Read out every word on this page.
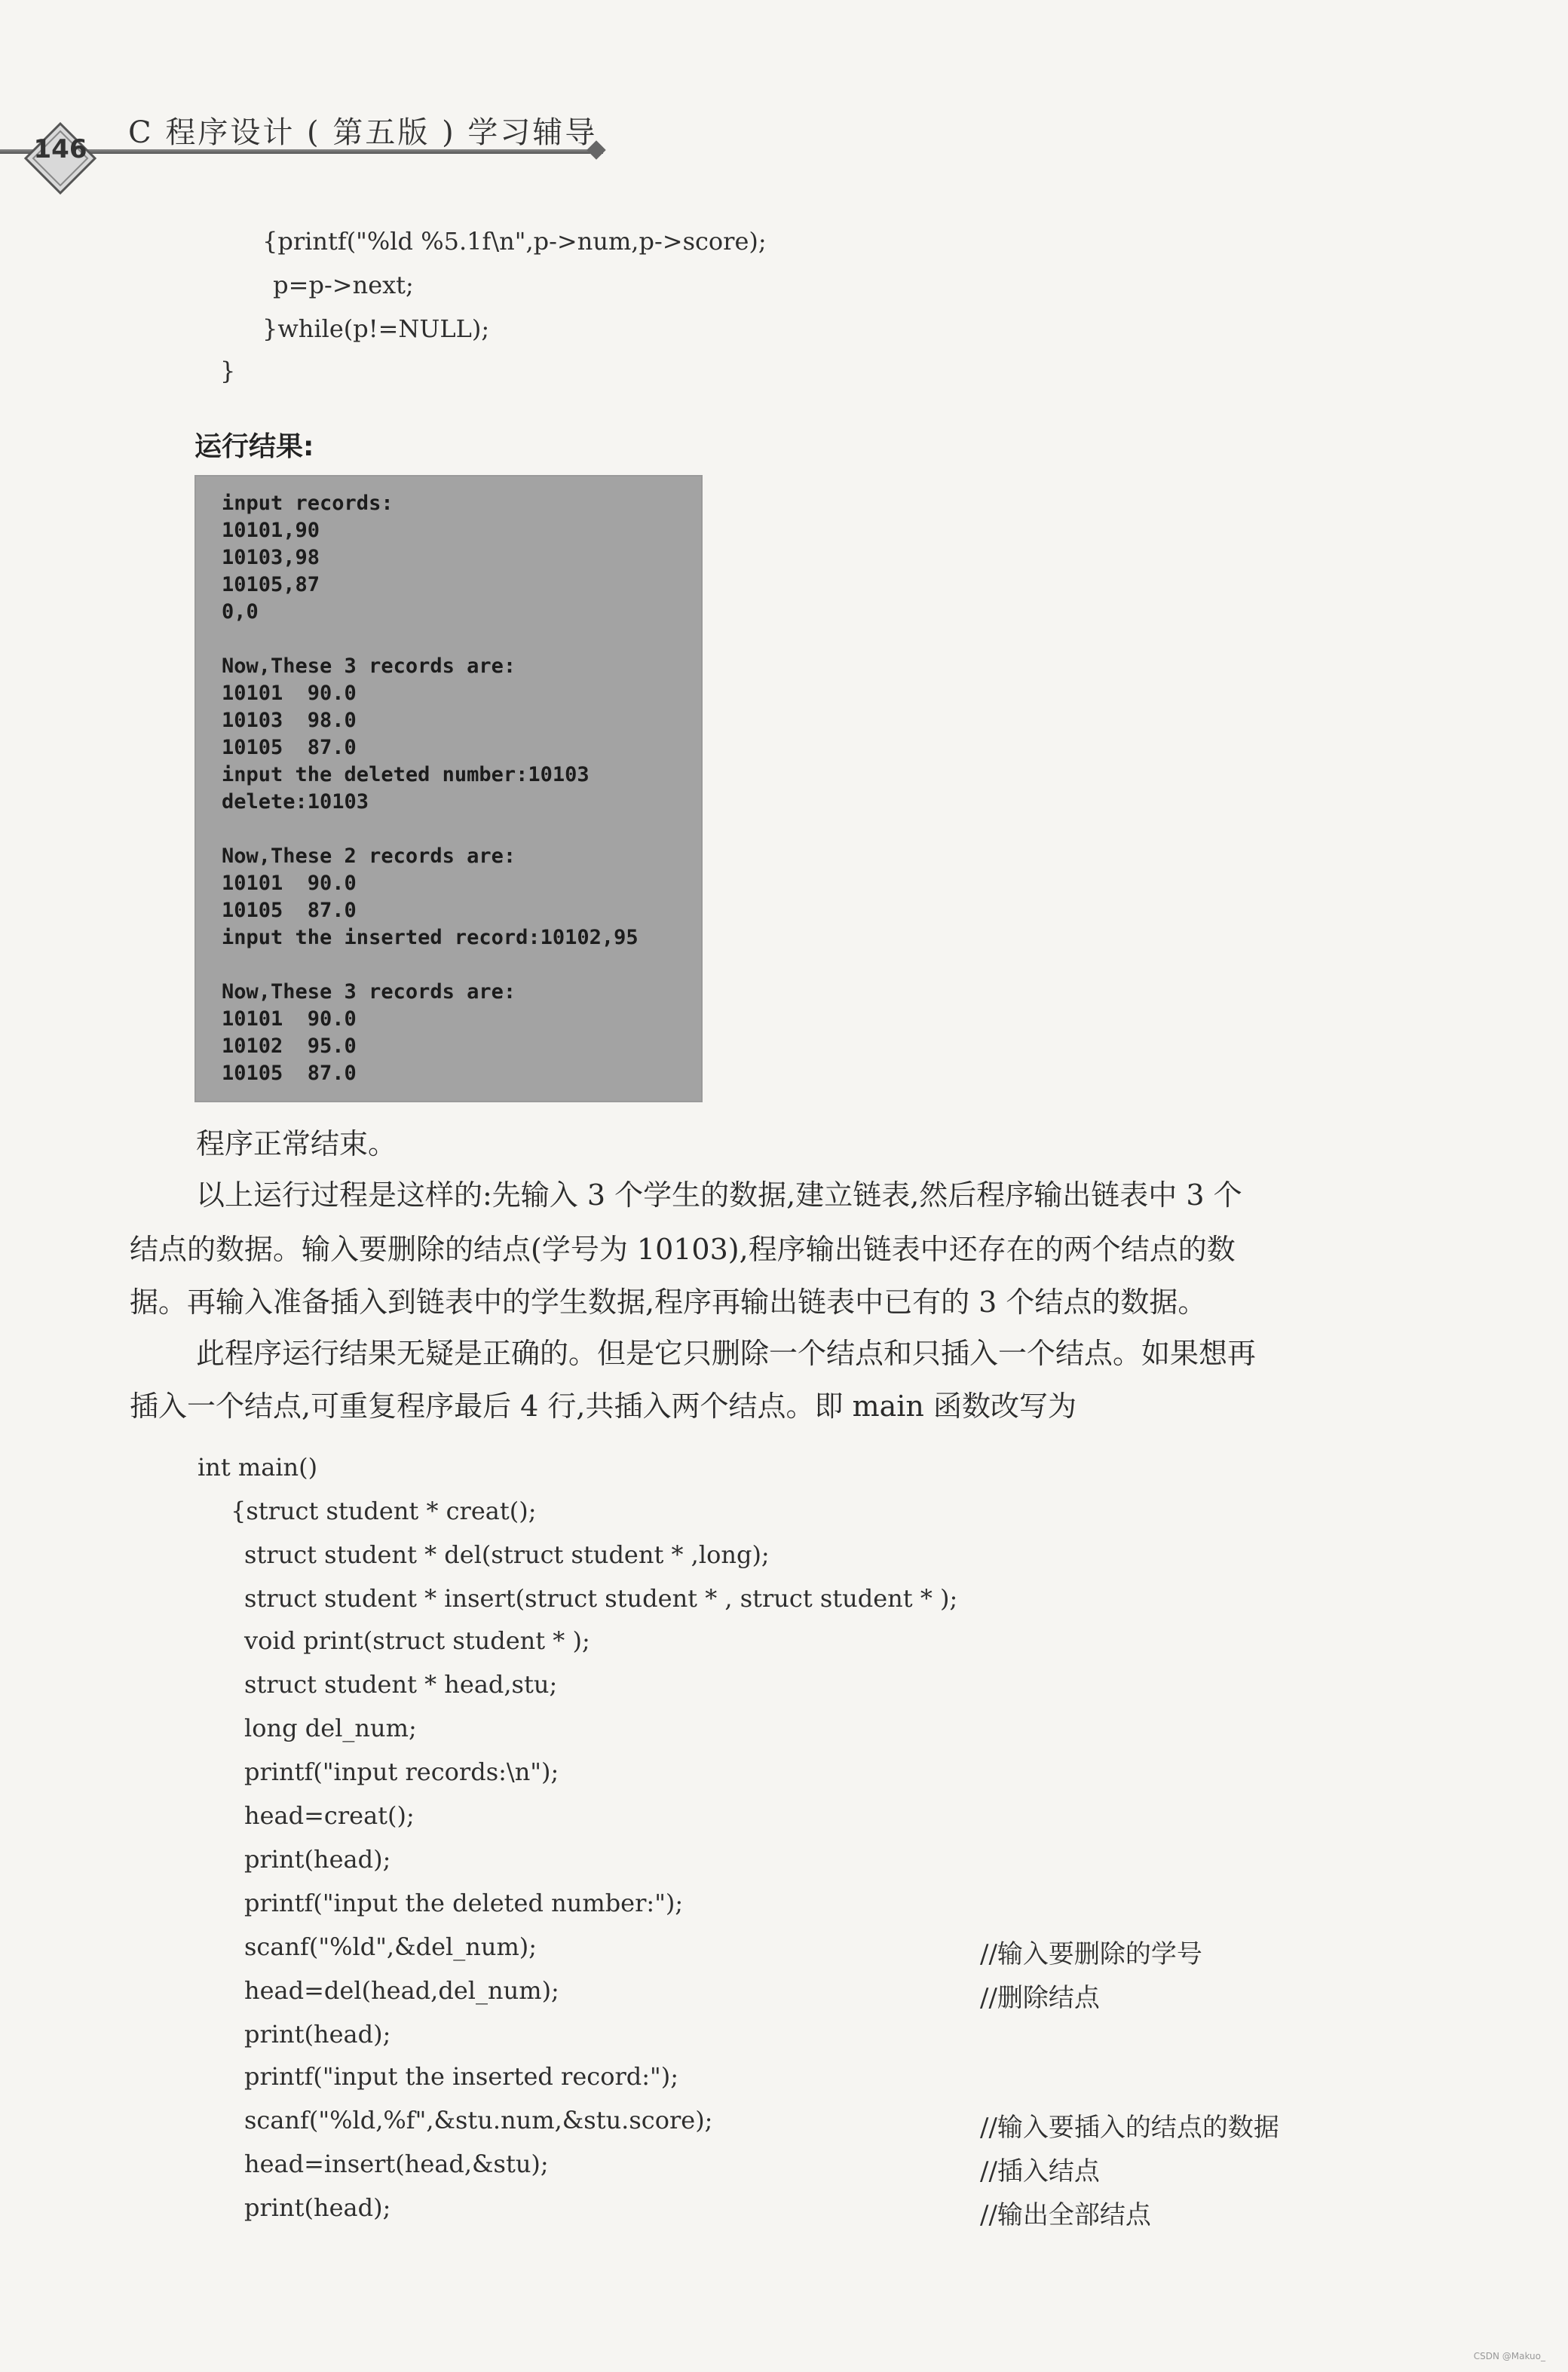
146	C 程序设计 ( 第五版 ) 学习辅导
{printf("%ld %5.1f\n",p->num,p->score);
p=p->next;
}while(p!=NULL);
}
运行结果:
input records:
10101,90
10103,98
10105,87
0,0
Now,These 3 records are:
10101  90.0
10103  98.0
10105  87.0
input the deleted number:10103
delete:10103
Now,These 2 records are:
10101  90.0
10105  87.0
input the inserted record:10102,95
Now,These 3 records are:
10101  90.0
10102  95.0
10105  87.0
程序正常结束。
以上运行过程是这样的:先输入 3 个学生的数据,建立链表,然后程序输出链表中 3 个
结点的数据。输入要删除的结点(学号为 10103),程序输出链表中还存在的两个结点的数
据。再输入准备插入到链表中的学生数据,程序再输出链表中已有的 3 个结点的数据。
此程序运行结果无疑是正确的。但是它只删除一个结点和只插入一个结点。如果想再
插入一个结点,可重复程序最后 4 行,共插入两个结点。即 main 函数改写为
int main()
{struct student * creat();
struct student * del(struct student * ,long);
struct student * insert(struct student * , struct student * );
void print(struct student * );
struct student * head,stu;
long del_num;
printf("input records:\n");
head=creat();
print(head);
printf("input the deleted number:");
scanf("%ld",&del_num);
head=del(head,del_num);
print(head);
printf("input the inserted record:");
scanf("%ld,%f",&stu.num,&stu.score);
head=insert(head,&stu);
print(head);
//输入要删除的学号
//删除结点
//输入要插入的结点的数据
//插入结点
//输出全部结点
CSDN @Makuo_
